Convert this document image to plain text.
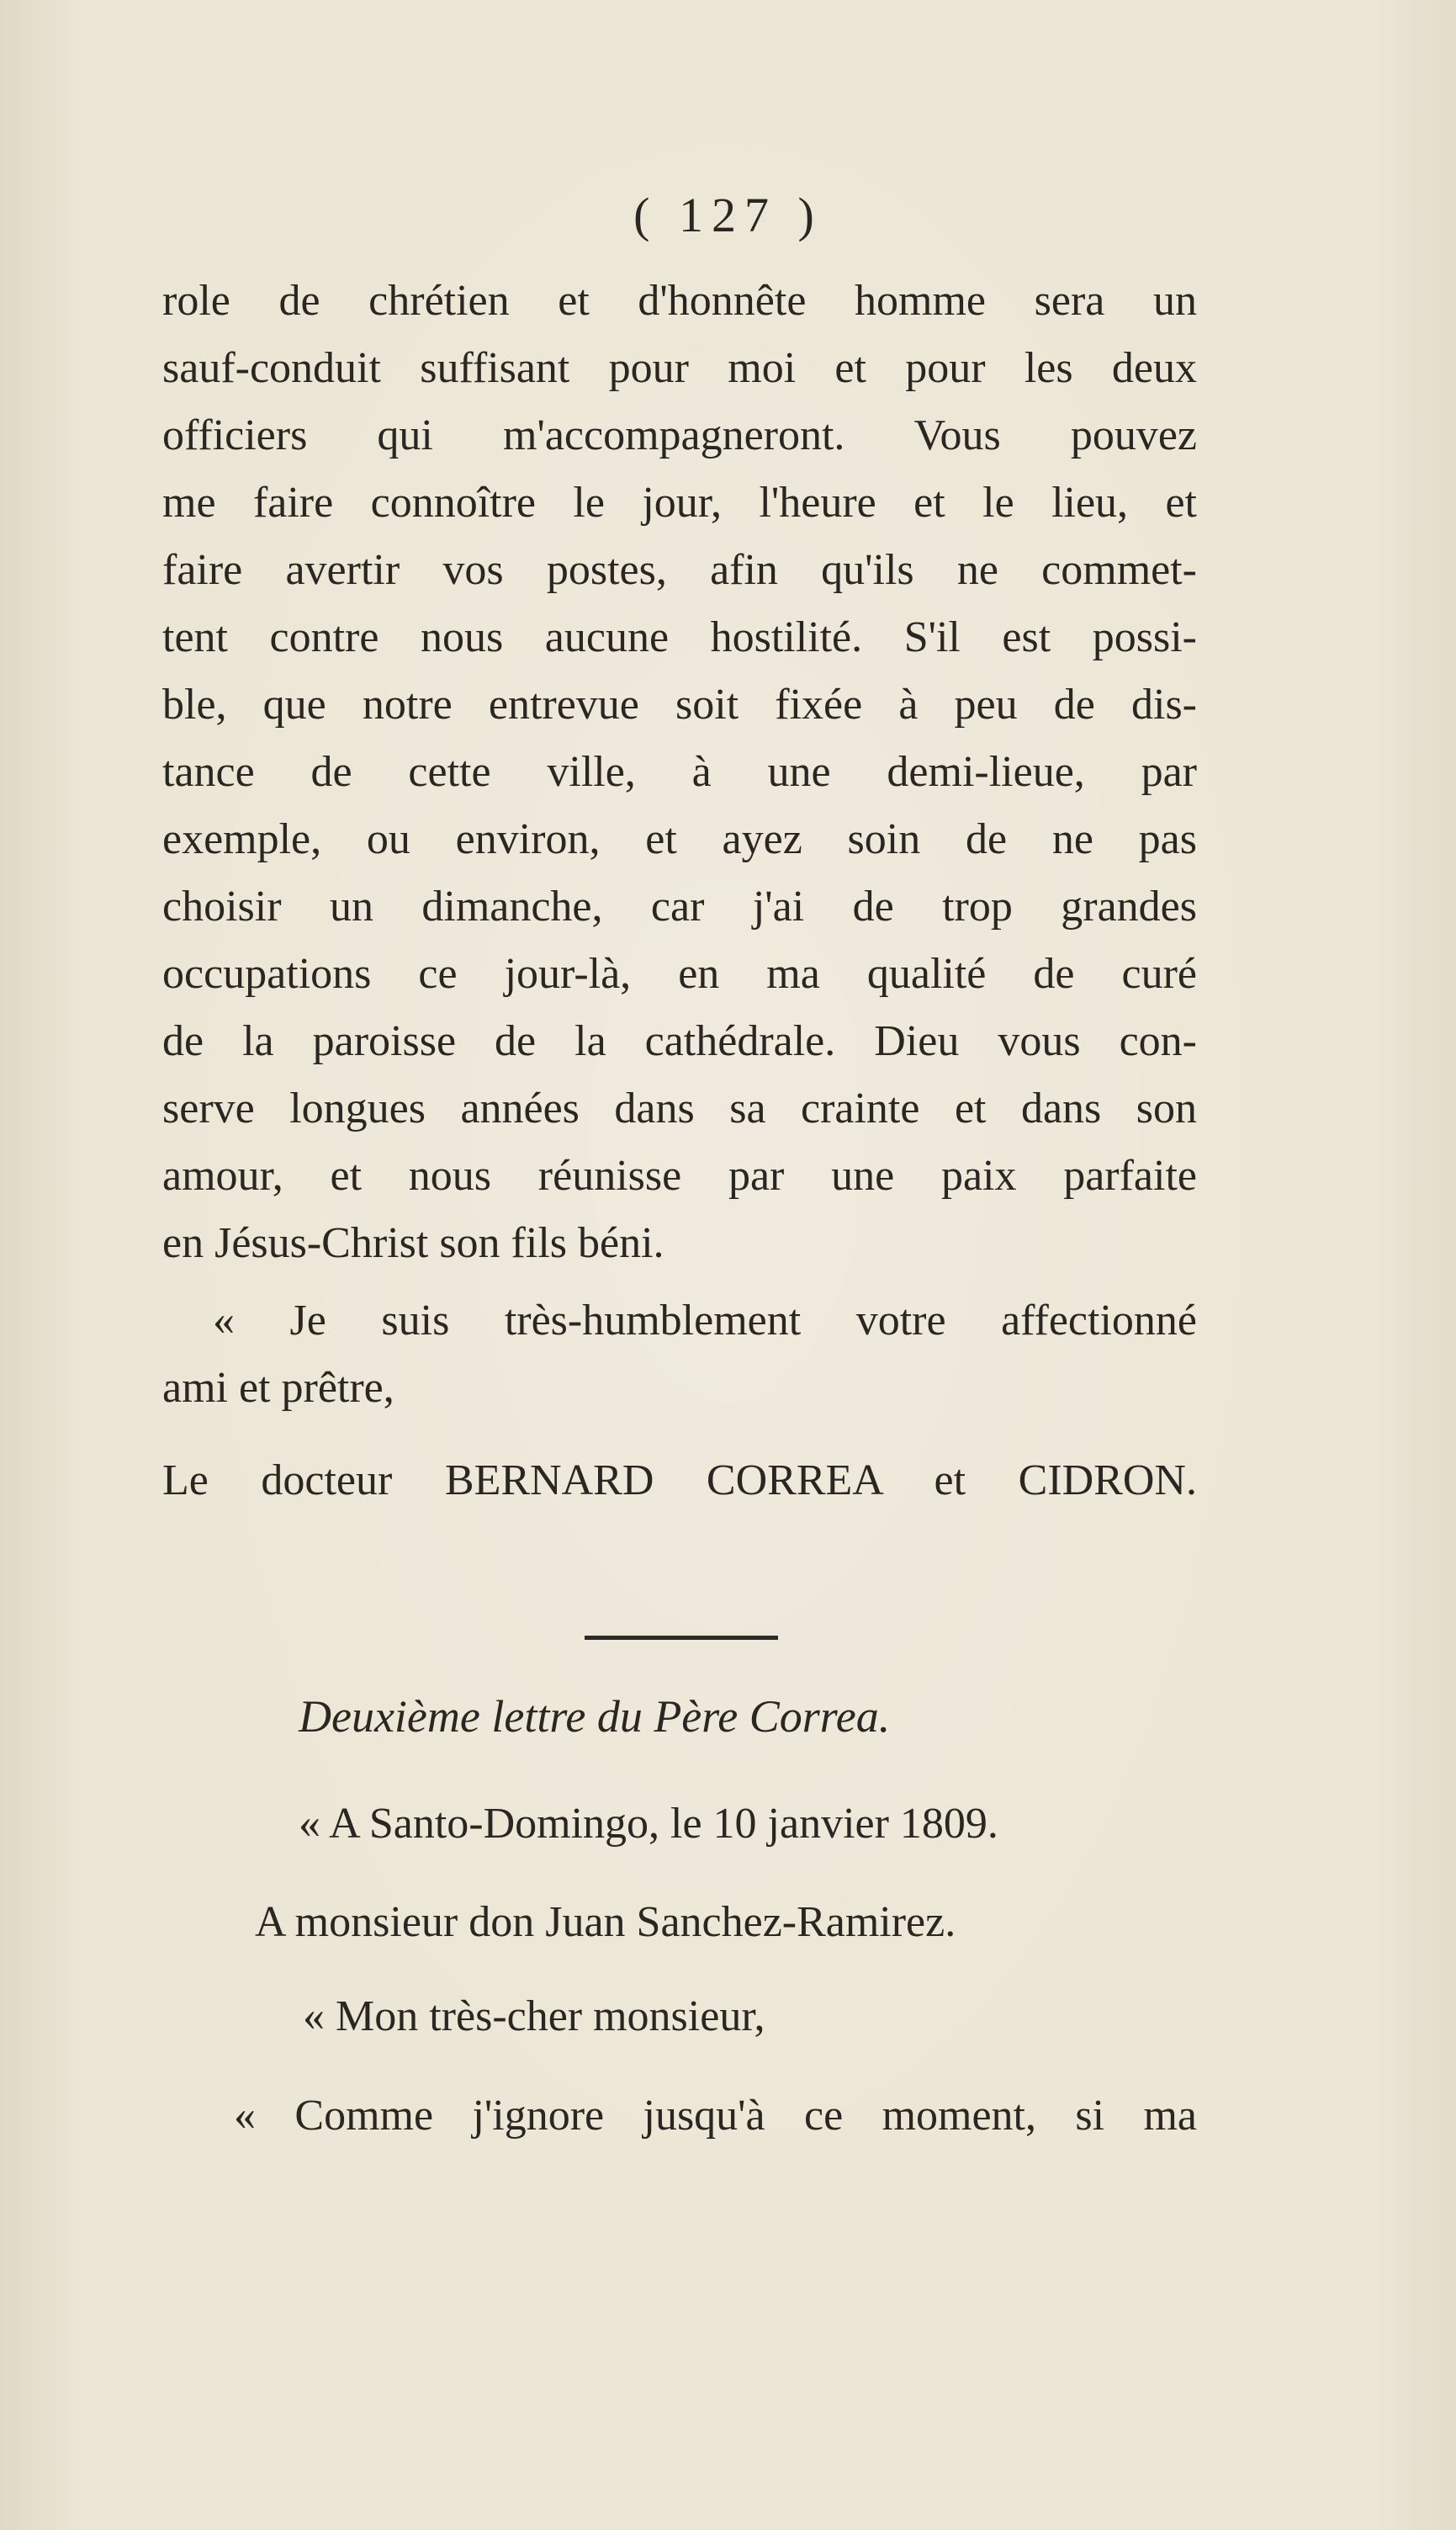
( 127 )
role de chrétien et d'honnête homme sera un
sauf-conduit suffisant pour moi et pour les deux
officiers qui m'accompagneront. Vous pouvez
me faire connoître le jour, l'heure et le lieu, et
faire avertir vos postes, afin qu'ils ne commet-
tent contre nous aucune hostilité. S'il est possi-
ble, que notre entrevue soit fixée à peu de dis-
tance de cette ville, à une demi-lieue, par
exemple, ou environ, et ayez soin de ne pas
choisir un dimanche, car j'ai de trop grandes
occupations ce jour-là, en ma qualité de curé
de la paroisse de la cathédrale. Dieu vous con-
serve longues années dans sa crainte et dans son
amour, et nous réunisse par une paix parfaite
en Jésus-Christ son fils béni.
« Je suis très-humblement votre affectionné
ami et prêtre,
Le docteur BERNARD CORREA et CIDRON.
Deuxième lettre du Père Correa.
« A Santo-Domingo, le 10 janvier 1809.
A monsieur don Juan Sanchez-Ramirez.
« Mon très-cher monsieur,
« Comme j'ignore jusqu'à ce moment, si ma
